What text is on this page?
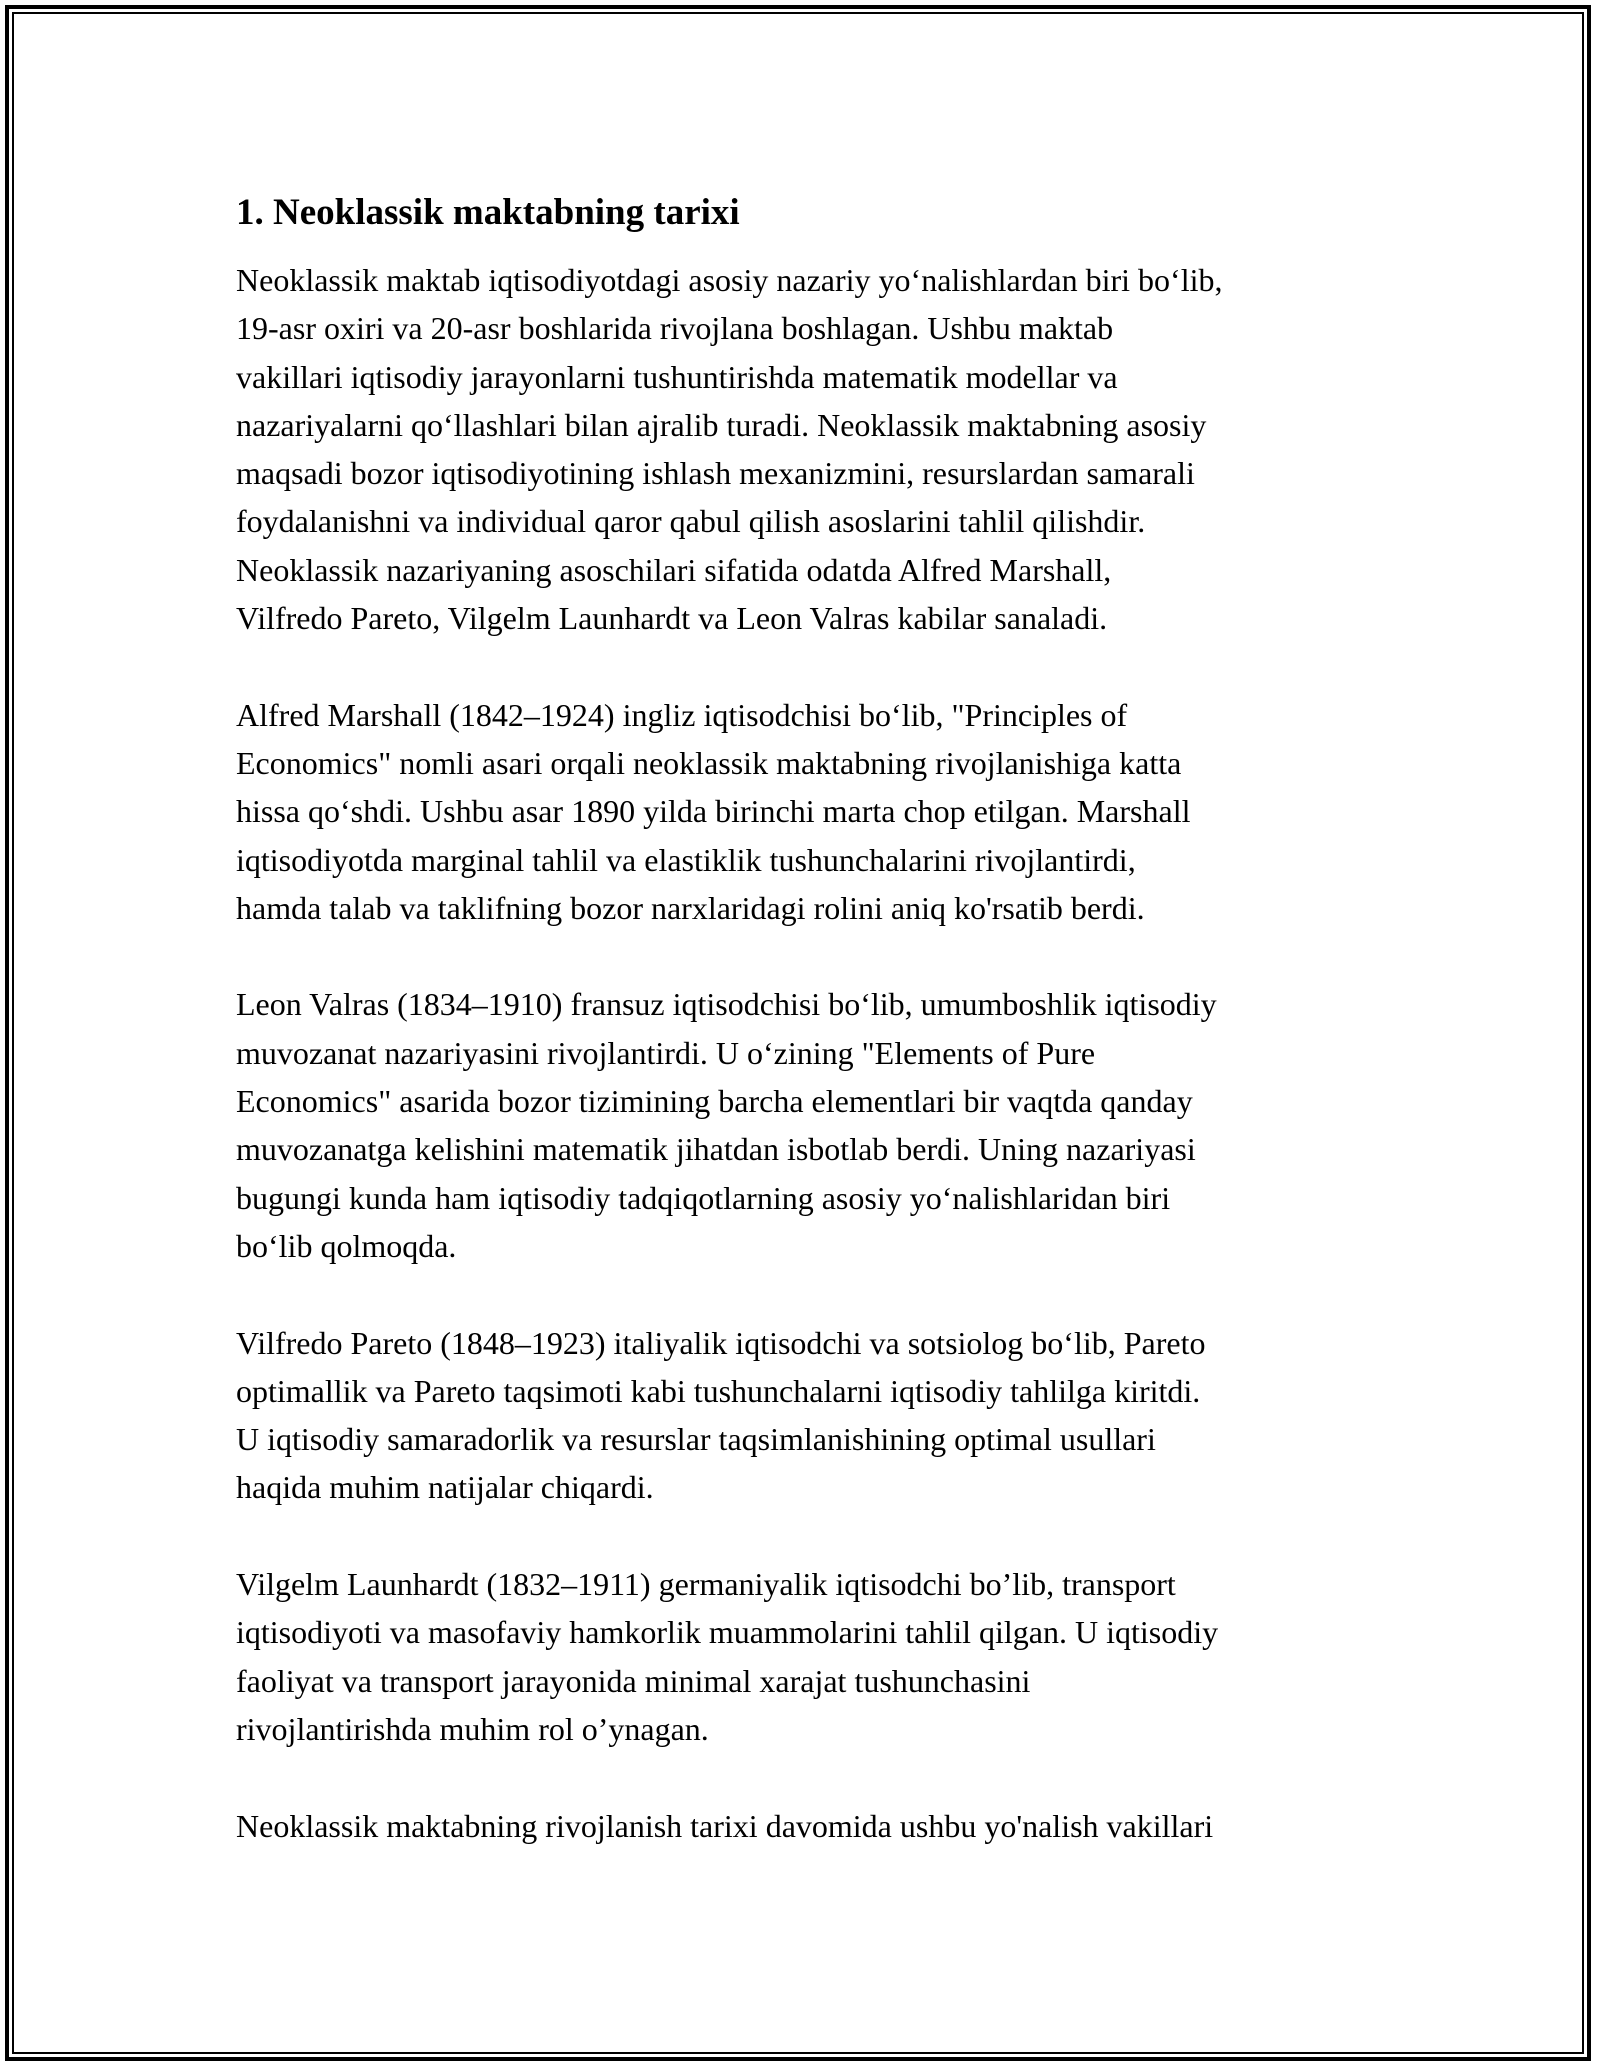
1. Neoklassik maktabning tarixi

Neoklassik maktab iqtisodiyotdagi asosiy nazariy yo‘nalishlardan biri bo‘lib,
19-asr oxiri va 20-asr boshlarida rivojlana boshlagan. Ushbu maktab
vakillari iqtisodiy jarayonlarni tushuntirishda matematik modellar va
nazariyalarni qo‘llashlari bilan ajralib turadi. Neoklassik maktabning asosiy
maqsadi bozor iqtisodiyotining ishlash mexanizmini, resurslardan samarali
foydalanishni va individual qaror qabul qilish asoslarini tahlil qilishdir.
Neoklassik nazariyaning asoschilari sifatida odatda Alfred Marshall,
Vilfredo Pareto, Vilgelm Launhardt va Leon Valras kabilar sanaladi.

Alfred Marshall (1842–1924) ingliz iqtisodchisi bo‘lib, "Principles of
Economics" nomli asari orqali neoklassik maktabning rivojlanishiga katta
hissa qo‘shdi. Ushbu asar 1890 yilda birinchi marta chop etilgan. Marshall
iqtisodiyotda marginal tahlil va elastiklik tushunchalarini rivojlantirdi,
hamda talab va taklifning bozor narxlaridagi rolini aniq ko'rsatib berdi.

Leon Valras (1834–1910) fransuz iqtisodchisi bo‘lib, umumboshlik iqtisodiy
muvozanat nazariyasini rivojlantirdi. U o‘zining "Elements of Pure
Economics" asarida bozor tizimining barcha elementlari bir vaqtda qanday
muvozanatga kelishini matematik jihatdan isbotlab berdi. Uning nazariyasi
bugungi kunda ham iqtisodiy tadqiqotlarning asosiy yo‘nalishlaridan biri
bo‘lib qolmoqda.

Vilfredo Pareto (1848–1923) italiyalik iqtisodchi va sotsiolog bo‘lib, Pareto
optimallik va Pareto taqsimoti kabi tushunchalarni iqtisodiy tahlilga kiritdi.
U iqtisodiy samaradorlik va resurslar taqsimlanishining optimal usullari
haqida muhim natijalar chiqardi.

Vilgelm Launhardt (1832–1911) germaniyalik iqtisodchi bo’lib, transport
iqtisodiyoti va masofaviy hamkorlik muammolarini tahlil qilgan. U iqtisodiy
faoliyat va transport jarayonida minimal xarajat tushunchasini
rivojlantirishda muhim rol o’ynagan.

Neoklassik maktabning rivojlanish tarixi davomida ushbu yo'nalish vakillari
